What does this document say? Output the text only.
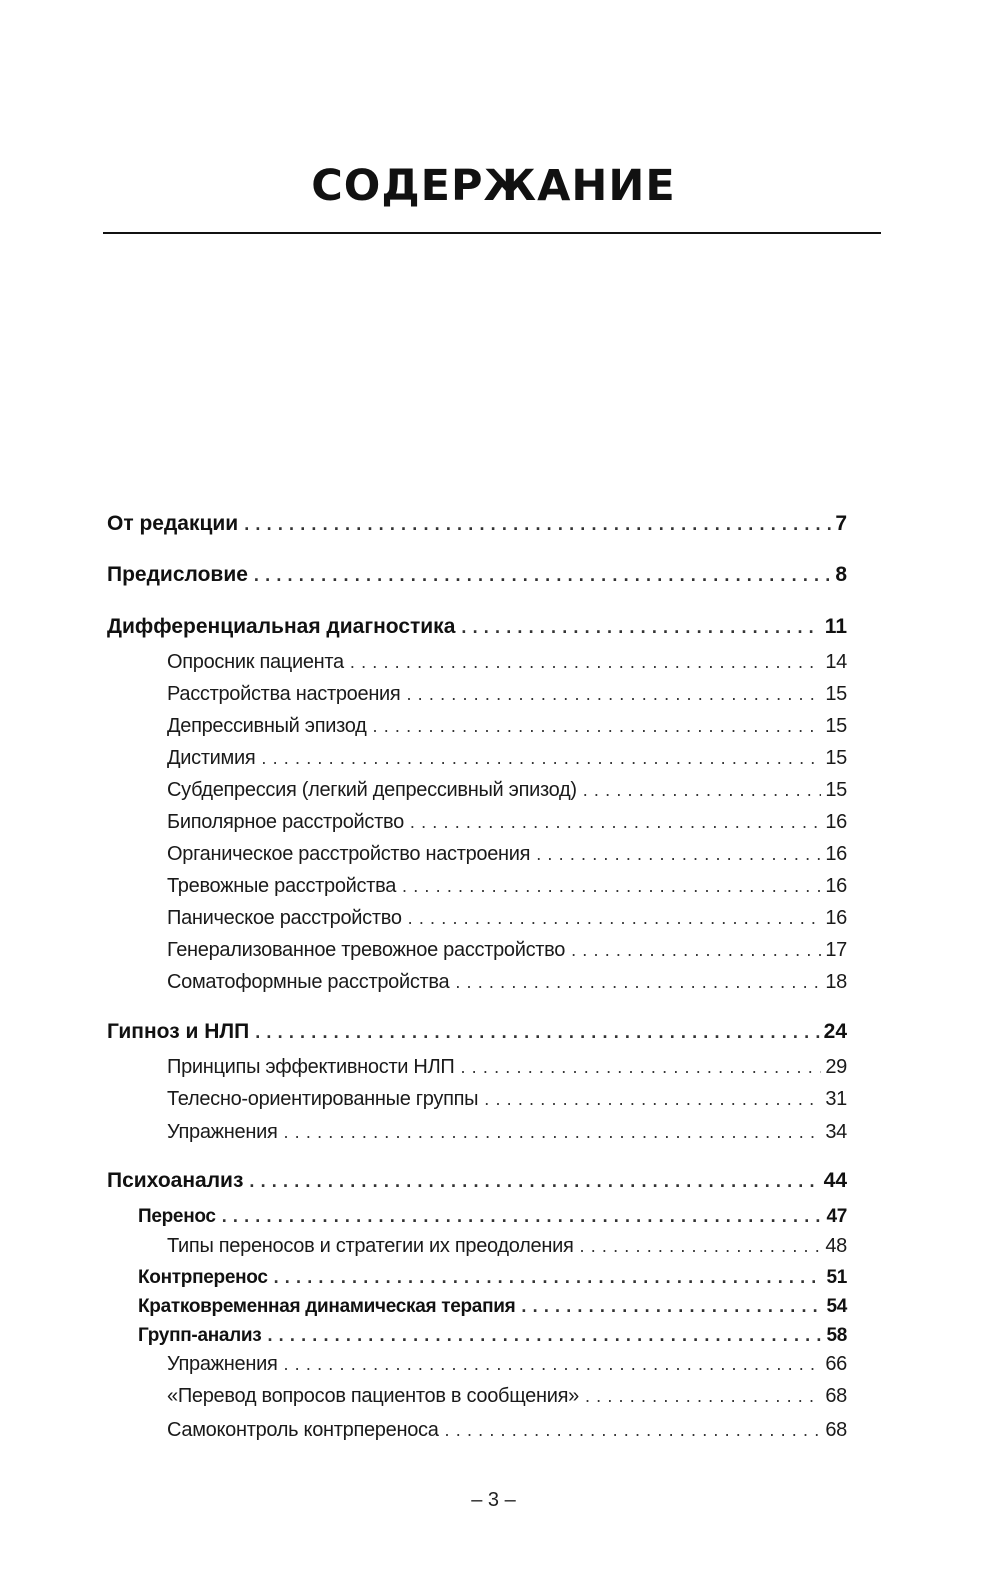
СОДЕРЖАНИЕ
От редакции . . .	7
Предисловие . . .	8
Дифференциальная диагностика . . .	11
Опросник пациента . . .	14
Расстройства настроения . . .	15
Депрессивный эпизод . . .	15
Дистимия . . .	15
Субдепрессия (легкий депрессивный эпизод) . . .	15
Биполярное расстройство . . .	16
Органическое расстройство настроения . . .	16
Тревожные расстройства . . .	16
Паническое расстройство . . .	16
Генерализованное тревожное расстройство . . .	17
Соматоформные расстройства . . .	18
Гипноз и НЛП . . .	24
Принципы эффективности НЛП . . .	29
Телесно-ориентированные группы . . .	31
Упражнения . . .	34
Психоанализ . . .	44
Перенос . . .	47
Типы переносов и стратегии их преодоления . . .	48
Контрперенос . . .	51
Кратковременная динамическая терапия . . .	54
Групп-анализ . . .	58
Упражнения . . .	66
«Перевод вопросов пациентов в сообщения» . . .	68
Самоконтроль контрпереноса . . .	68
– 3 –
